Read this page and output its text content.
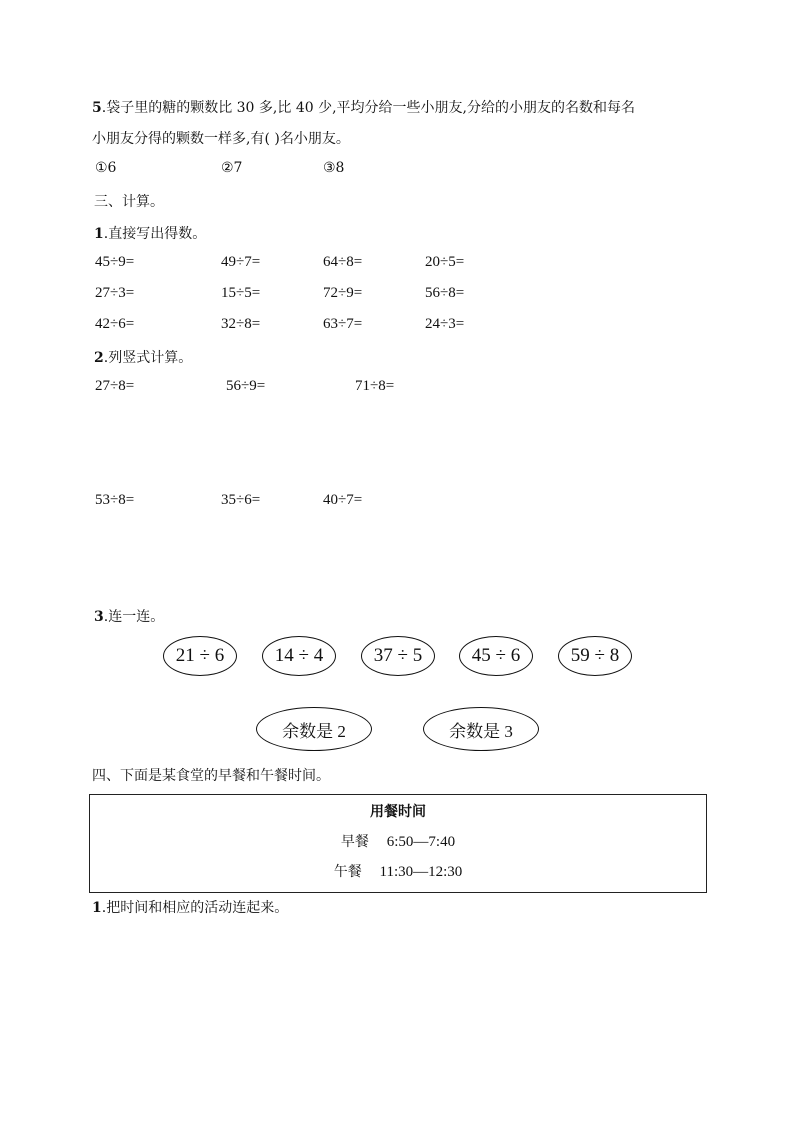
5.袋子里的糖的颗数比 30 多,比 40 少,平均分给一些小朋友,分给的小朋友的名数和每名
小朋友分得的颗数一样多,有( )名小朋友。
①6	②7	③8
三、计算。
1.直接写出得数。
45÷9=	49÷7=	64÷8=	20÷5=
27÷3=	15÷5=	72÷9=	56÷8=
42÷6=	32÷8=	63÷7=	24÷3=
2.列竖式计算。
27÷8=	56÷9=	71÷8=
53÷8=	35÷6=	40÷7=
3.连一连。
21 ÷ 6	14 ÷ 4	37 ÷ 5	45 ÷ 6	59 ÷ 8
余数是 2	余数是 3
四、下面是某食堂的早餐和午餐时间。
用餐时间
早餐 6:50—7:40
午餐 11:30—12:30
1.把时间和相应的活动连起来。
